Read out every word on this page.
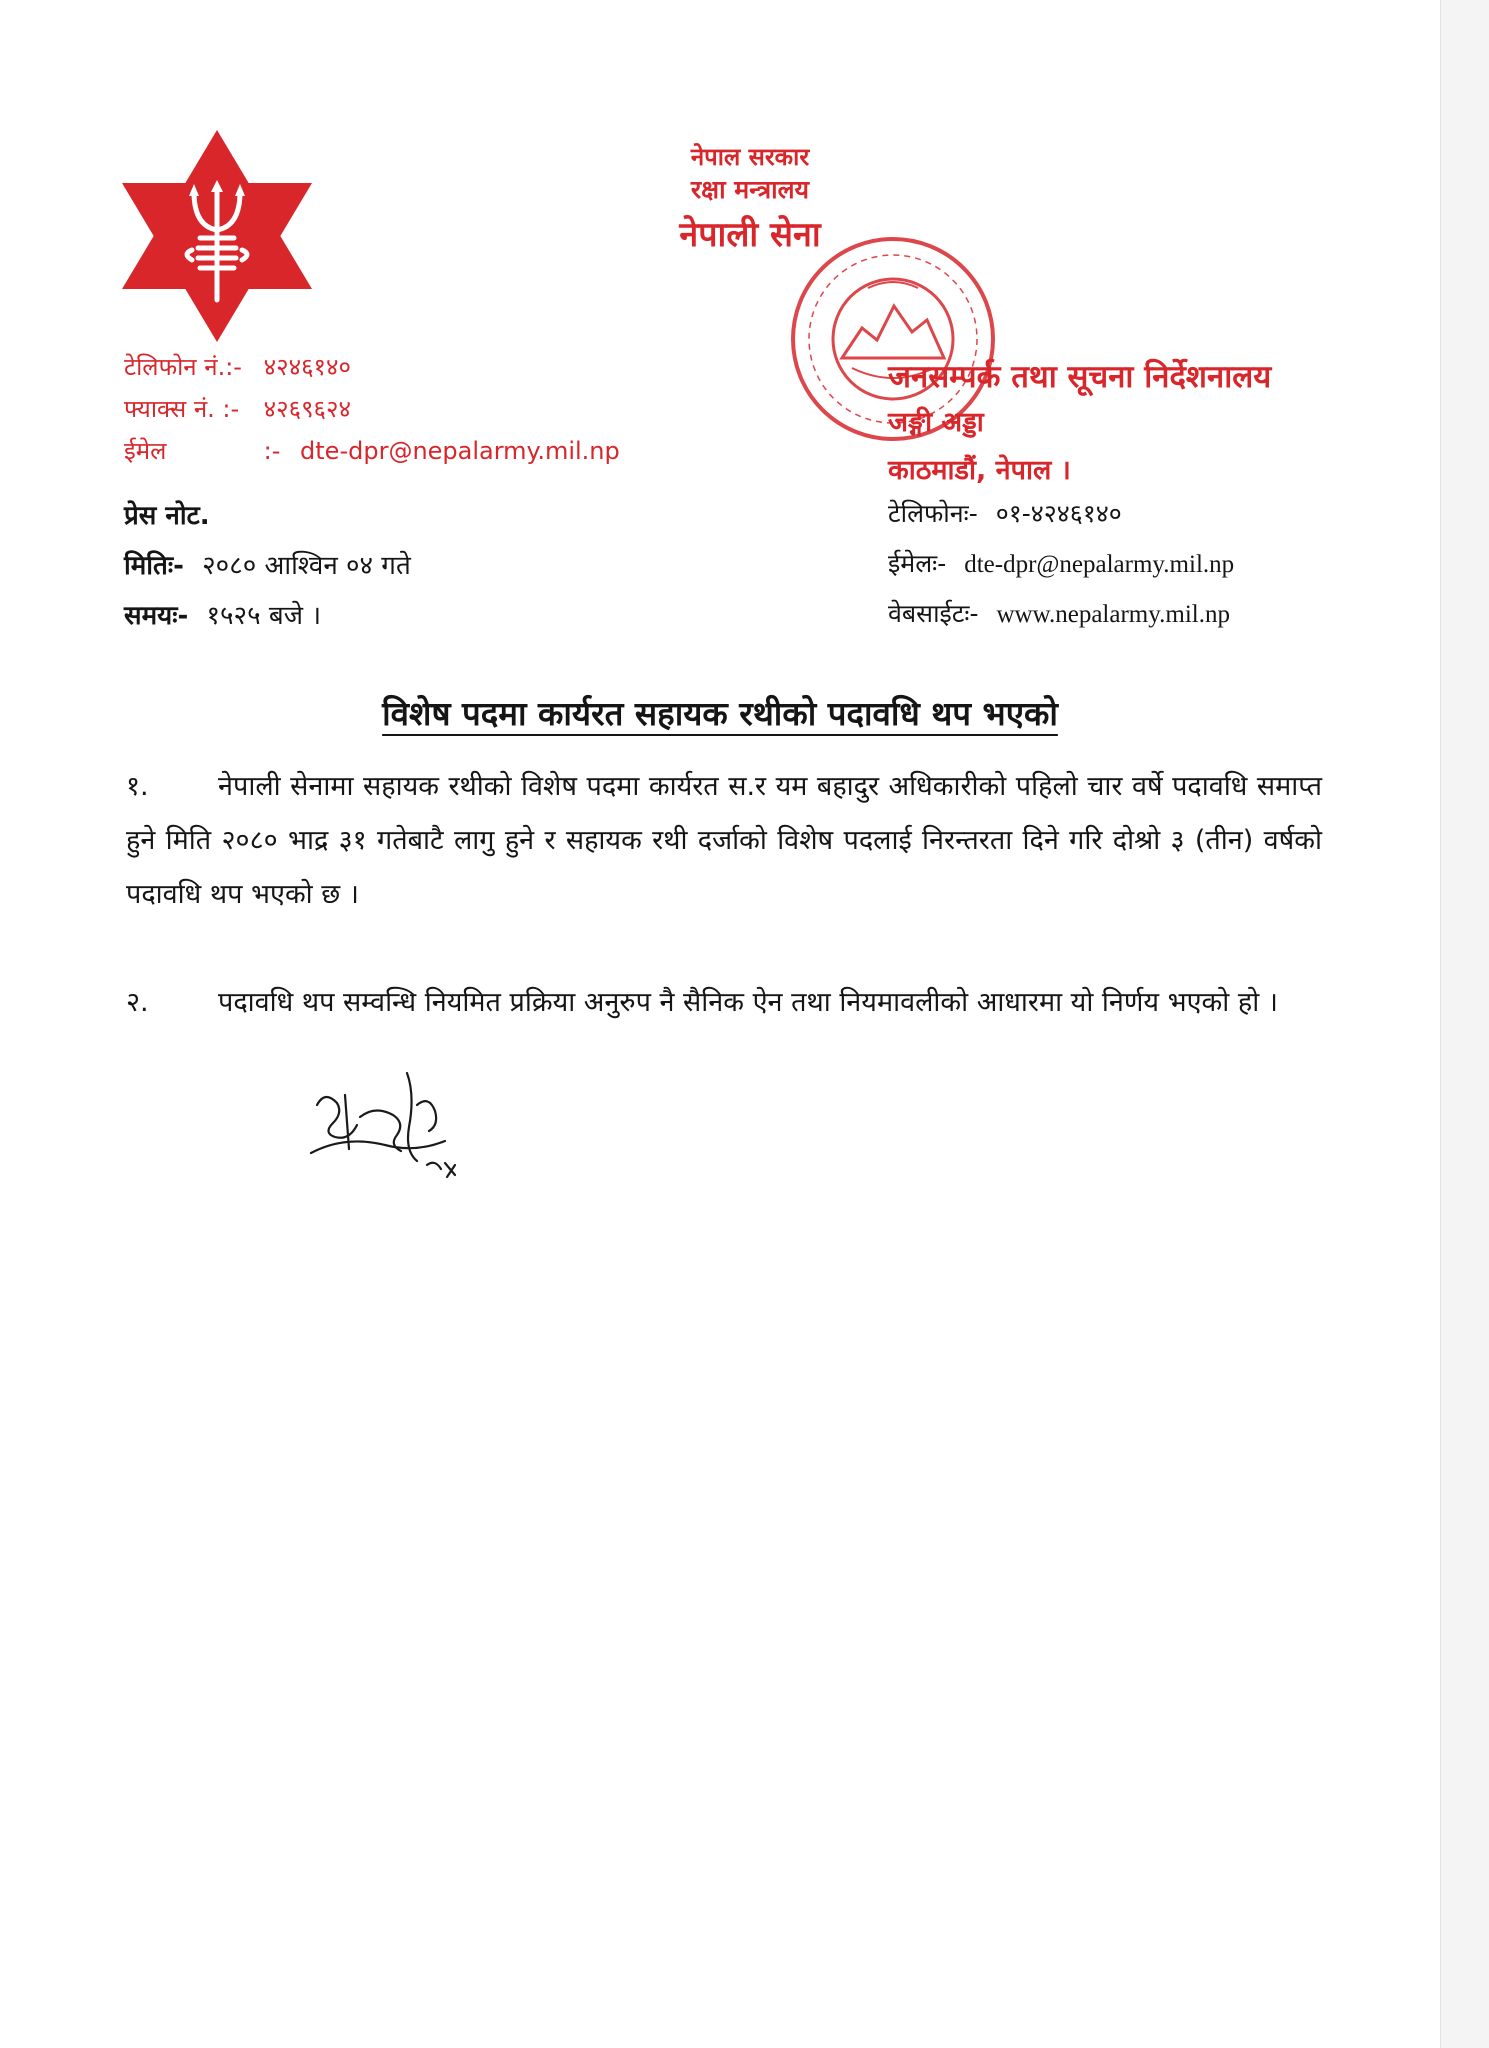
नेपाल सरकार
रक्षा मन्त्रालय
नेपाली सेना
टेलिफोन नं.:- ४२४६१४०
फ्याक्स नं. :- ४२६९६२४
ईमेल	:- dte-dpr@nepalarmy.mil.np
जनसम्पर्क तथा सूचना निर्देशनालय
जङ्गी अड्डा
काठमाडौं, नेपाल ।
टेलिफोनः- ०१-४२४६१४०
ईमेलः- dte-dpr@nepalarmy.mil.np
वेबसाईटः- www.nepalarmy.mil.np
प्रेस नोट.
मितिः- २०८० आश्विन ०४ गते
समयः- १५२५ बजे ।
विशेष पदमा कार्यरत सहायक रथीको पदावधि थप भएको
१.	नेपाली सेनामा सहायक रथीको विशेष पदमा कार्यरत स.र यम बहादुर अधिकारीको पहिलो चार वर्षे पदावधि समाप्त हुने मिति २०८० भाद्र ३१ गतेबाटै लागु हुने र सहायक रथी दर्जाको विशेष पदलाई निरन्तरता दिने गरि दोश्रो ३ (तीन) वर्षको पदावधि थप भएको छ ।
२.	पदावधि थप सम्वन्धि नियमित प्रक्रिया अनुरुप नै सैनिक ऐन तथा नियमावलीको आधारमा यो निर्णय भएको हो ।
